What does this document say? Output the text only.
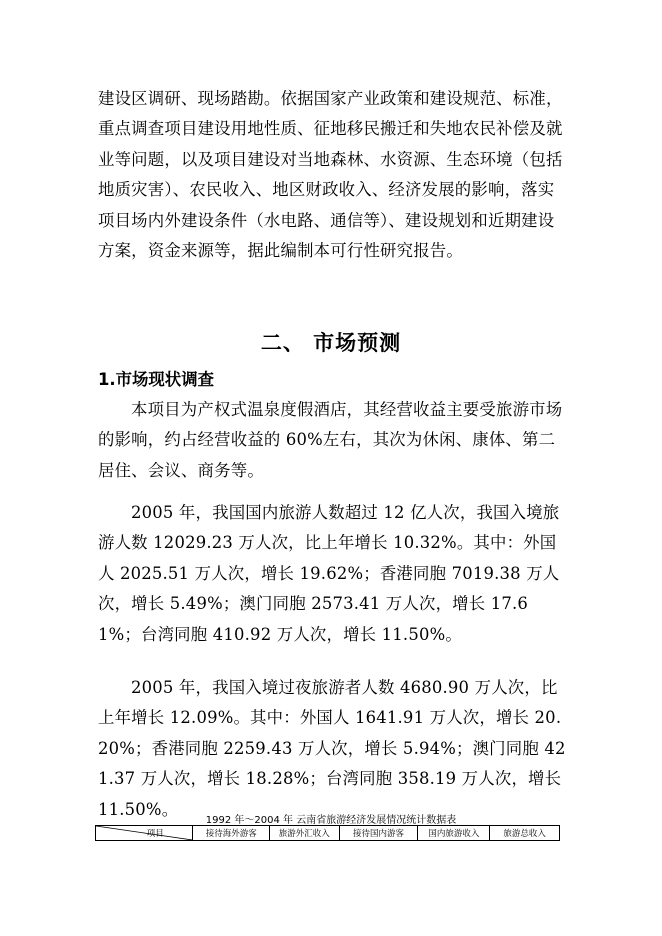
建设区调研、现场踏勘。依据国家产业政策和建设规范、标准，重点调查项目建设用地性质、征地移民搬迁和失地农民补偿及就业等问题，以及项目建设对当地森林、水资源、生态环境（包括地质灾害）、农民收入、地区财政收入、经济发展的影响，落实项目场内外建设条件（水电路、通信等）、建设规划和近期建设方案，资金来源等，据此编制本可行性研究报告。

二、 市场预测
1.市场现状调查

本项目为产权式温泉度假酒店，其经营收益主要受旅游市场的影响，约占经营收益的 60%左右，其次为休闲、康体、第二居住、会议、商务等。

2005 年，我国国内旅游人数超过 12 亿人次，我国入境旅游人数 12029.23 万人次，比上年增长 10.32%。其中：外国人 2025.51 万人次，增长 19.62%；香港同胞 7019.38 万人次，增长 5.49%；澳门同胞 2573.41 万人次，增长 17.61%；台湾同胞 410.92 万人次，增长 11.50%。

2005 年，我国入境过夜旅游者人数 4680.90 万人次，比上年增长 12.09%。其中：外国人 1641.91 万人次，增长 20.20%；香港同胞 2259.43 万人次，增长 5.94%；澳门同胞 421.37 万人次，增长 18.28%；台湾同胞 358.19 万人次，增长 11.50%。

1992 年～2004 年 云南省旅游经济发展情况统计数据表

项目	接待海外游客	旅游外汇收入	接待国内游客	国内旅游收入	旅游总收入
